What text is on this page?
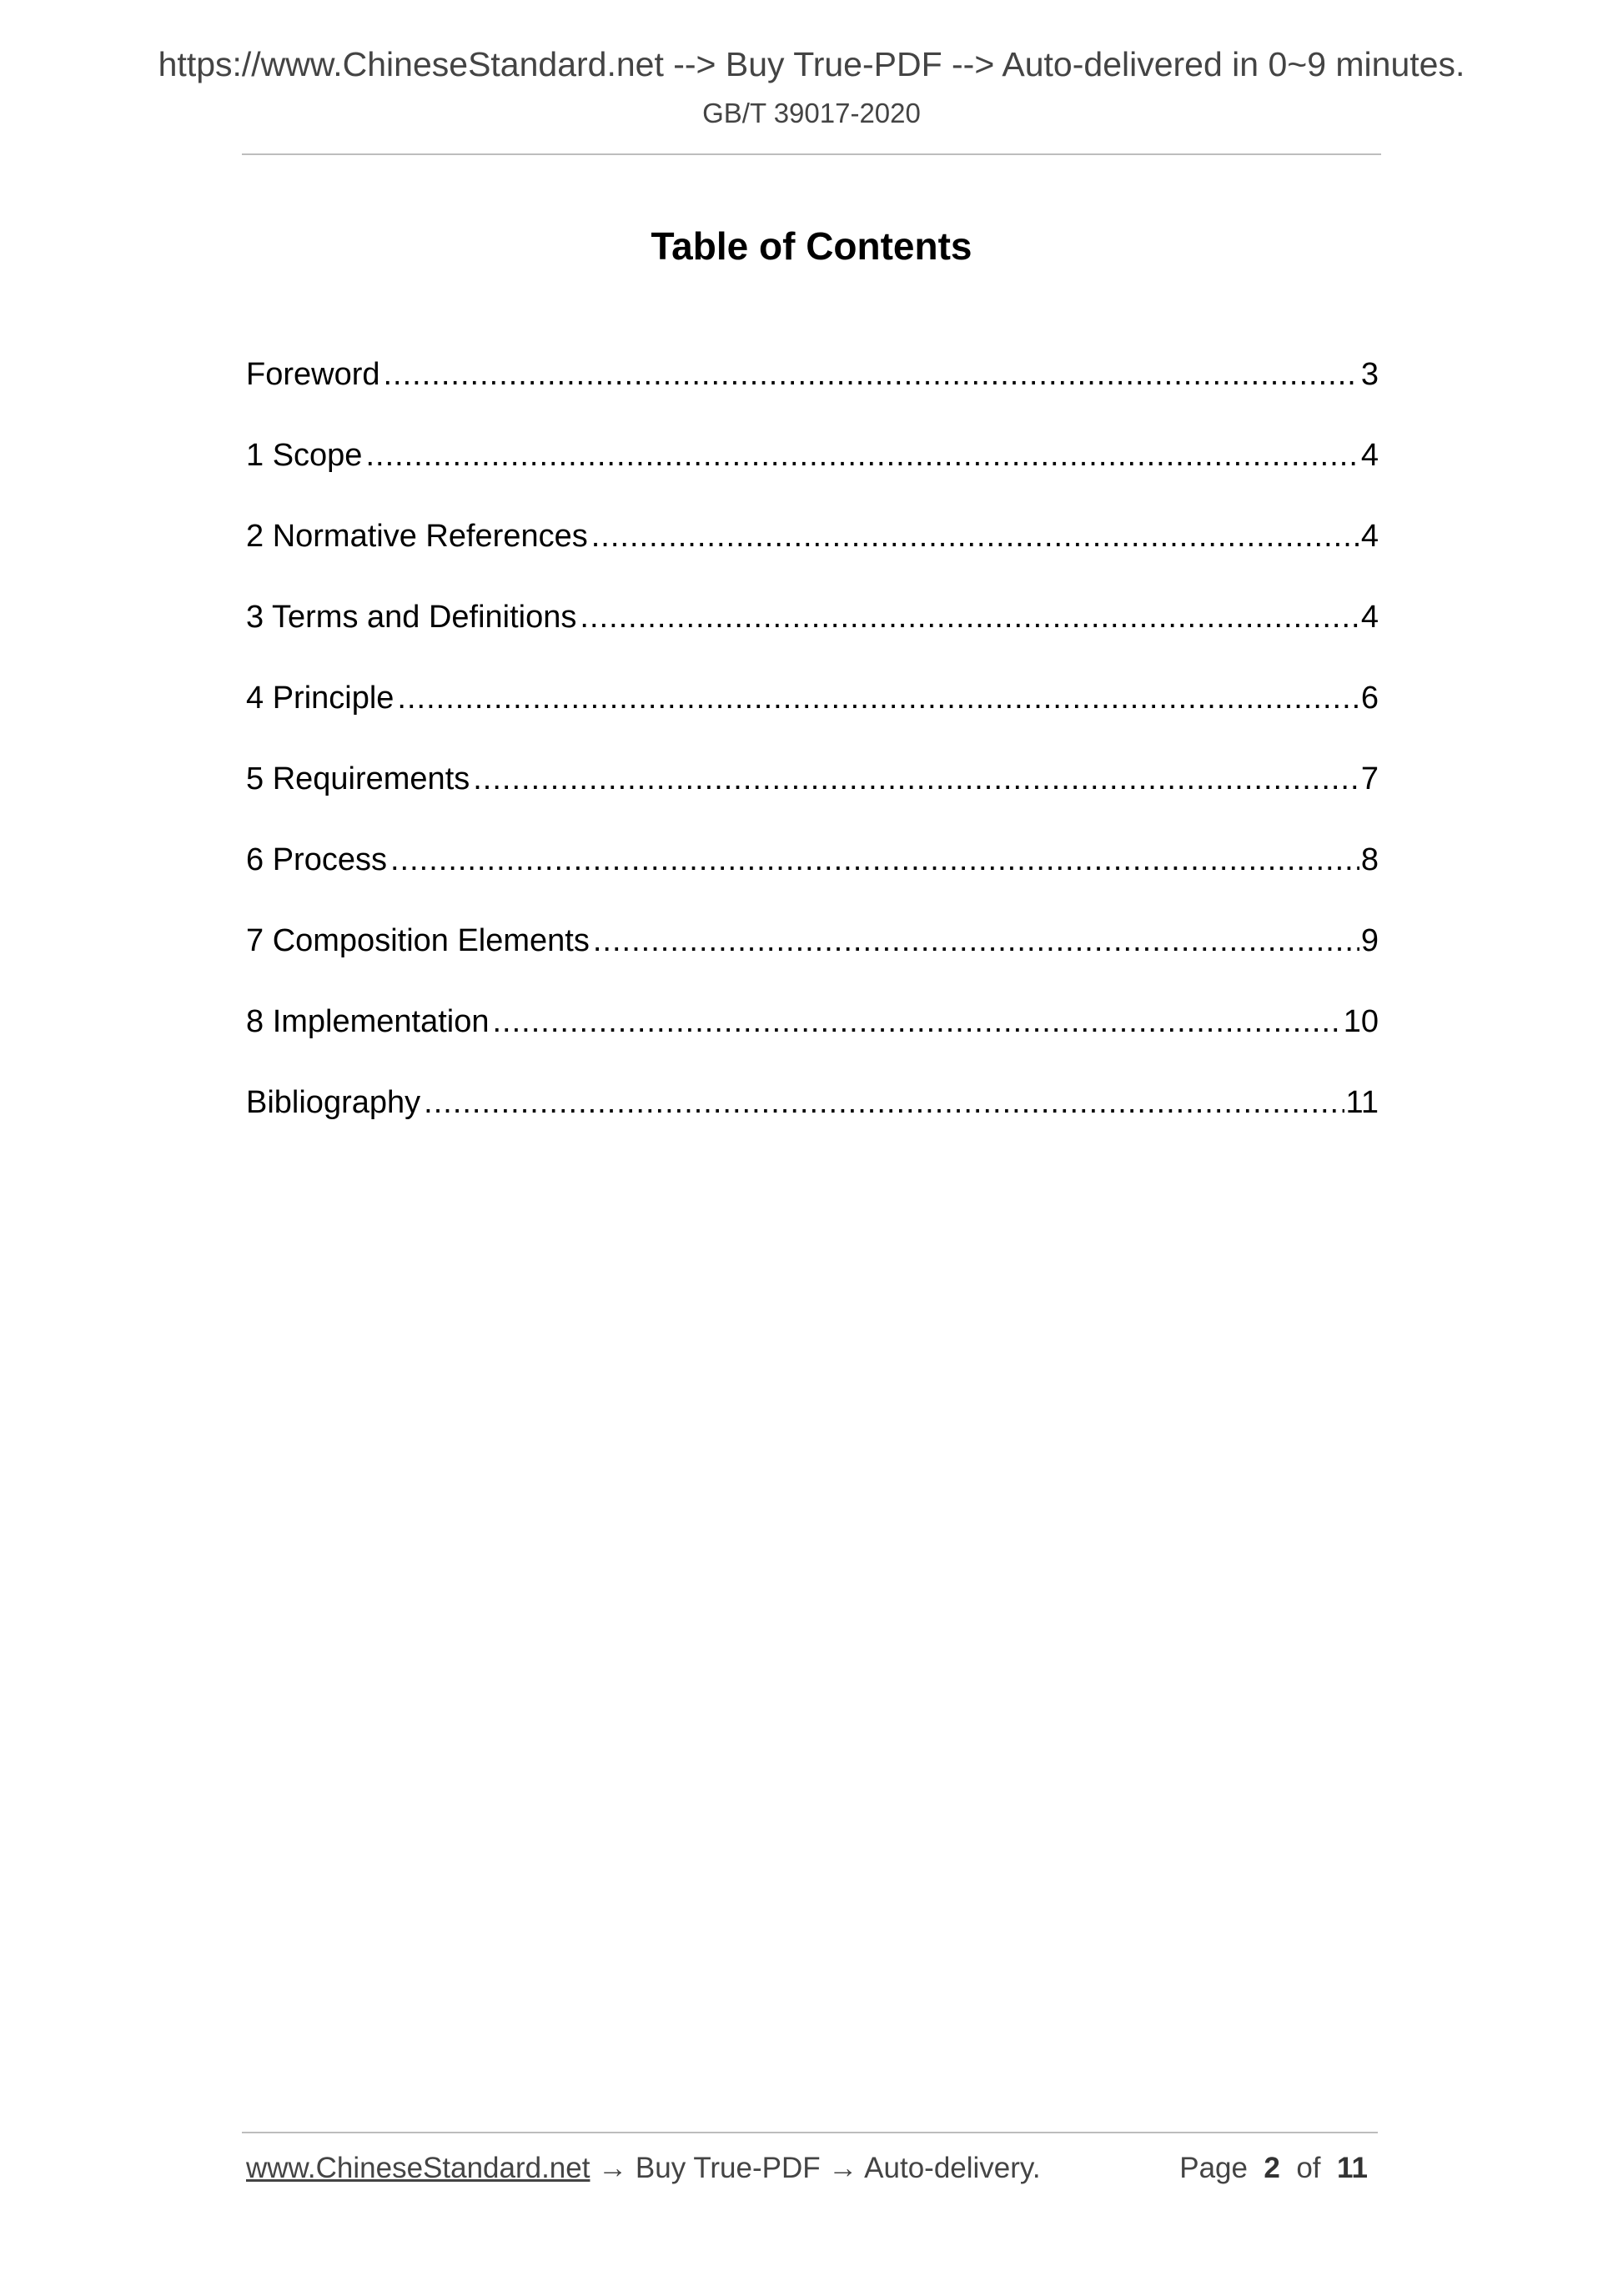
https://www.ChineseStandard.net --> Buy True-PDF --> Auto-delivered in 0~9 minutes.
GB/T 39017-2020
Table of Contents
Foreword .....	3
1 Scope .....	4
2 Normative References .....	4
3 Terms and Definitions .....	4
4 Principle .....	6
5 Requirements .....	7
6 Process .....	8
7 Composition Elements .....	9
8 Implementation .....	10
Bibliography .....	11
www.ChineseStandard.net → Buy True-PDF → Auto-delivery.	Page 2 of 11
